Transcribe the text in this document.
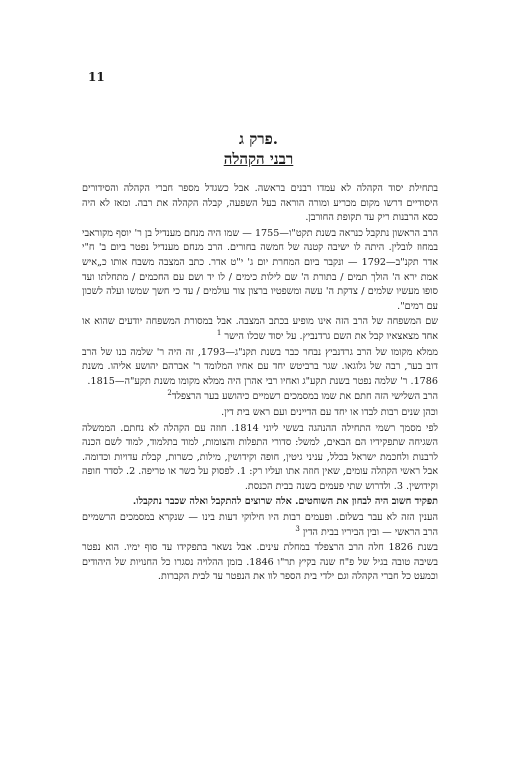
11
פרק ג.
רבני הקהלה

בתחילת יסוד הקהלה לא עמדו רבנים בראשה. אבל כשגדל מספר חברי הקהלה והסידורים היסודיים דרשו מקום מכריע ומורה הוראה בעל השפעה, קבלה הקהלה את רבה. ומאז לא היה כסא הרבנות ריק עד תקופת החורבן.

הרב הראשון נתקבל כנראה בשנת תקט"ו—1755 — שמו היה מנחם מענדיל בן ר' יוסף מקוראבי במחוז לובלין. היתה לו ישיבה קטנה של חמשה בחורים. הרב מנחם מענדיל נפטר ביום ב' ח"י אדר תקנ"ב—1792 — ונקבר ביום המחרת יום ג' י"ט אדר. כתב המצבה משבח אותו כ„איש אמת ירא ה' הולך תמים / בתורת ה' שם לילות כימים / לו יד ושם עם החכמים / מתחלתו ועד סופו מעשיו שלמים / צדקת ה' עשה ומשפטיו ברצון צור עולמים / עד כי חשך שמשו ועלה לשכון עם רמים".

שם המשפחה של הרב הזה אינו מופיע בכתב המצבה. אבל במסורת המשפחה יודעים שהוא או אחד מצאצאיו קבל את השם גרדנביץ. על יסוד שכלו הישר $^1$

ממלא מקומו של הרב גרדנביץ נבחר כבר בשנת תקנ"ג—1793, זה היה ר' שלמה בנו של הרב דוב בער, רבה של גלוגאו. שגר ברביטש יחד עם אחיו המלומד ר' אברהם יהושע אליהו. משנת 1786. ר' שלמה נפטר בשנת תקע"ג ואחיו רבי אהרן היה ממלא מקומו משנת תקע"ה—1815.

הרב השלישי הזה חתם את שמו במסמכים רשמיים כיהושע בער הרצפלד$^2$

וכהן שנים רבות לבדו או יחד עם הדיינים ועם ראש בית דין.

לפי מסמך רשמי התחילה ההנהגה בששי ליוני 1814. חוזה עם הקהלה לא נחתם. הממשלה השגיחה שתפקידיו הם הבאים, למשל: סדורי התפלות והצומות, למוד בתלמוד, למוד לשם הכנה לרבנות ולחכמת ישראל בכלל, עניני גיטין, חופה וקידושין, מילות, כשרות, קבלת עדויות וכדומה. אבל ראשי הקהלה עומים, שאין חוזה אתו ועליו רק: 1. לפסוק על כשר או טריפה. 2. לסדר חופה וקידושין. 3. ולדרוש שתי פעמים בשנה בבית הכנסת.

תפקיד חשוב היה לבחון את השוחטים. אלה שרוצים להתקבל ואלה שכבר נתקבלו.

הענין הזה לא עבר בשלום. ופעמים רבות היו חילוקי דעות בינו — שנקרא במסמכים הרשמיים הרב הראשי — ובין הביריו בבית הדין $^3$

בשנת 1826 חלה הרב הרצפלד במחלת עינים. אבל נשאר בתפקידו עד סוף ימיו. הוא נפטר בשיבה טובה בגיל של פ"ח שנה בקיץ תר"ו 1846. בזמן ההלויה נסגרו כל החנויות של היהודים וכמעט כל חברי הקהלה וגם ילדי בית הספר לוו את הנפטר עד לבית הקברות.
